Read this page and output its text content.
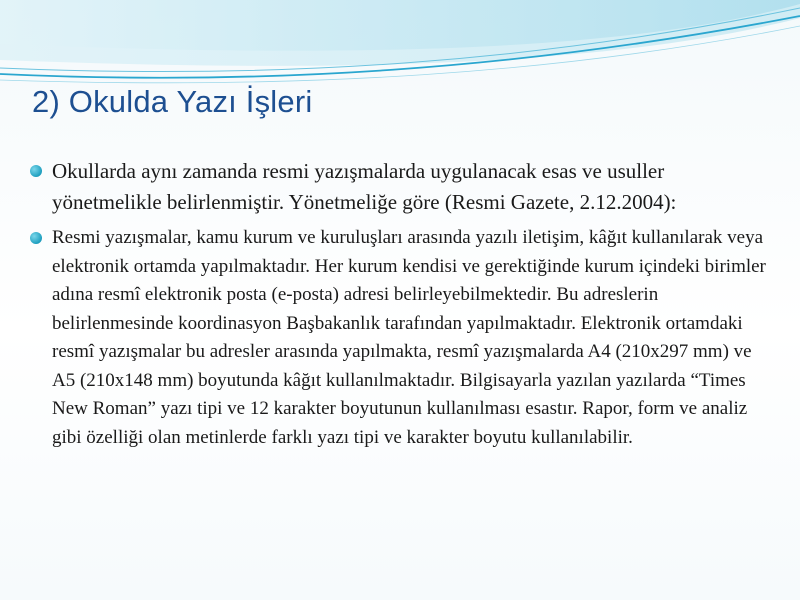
2) Okulda Yazı İşleri
Okullarda aynı zamanda resmi yazışmalarda uygulanacak esas ve usuller yönetmelikle belirlenmiştir. Yönetmeliğe göre (Resmi Gazete, 2.12.2004):
Resmi yazışmalar, kamu kurum ve kuruluşları arasında yazılı iletişim, kâğıt kullanılarak veya elektronik ortamda yapılmaktadır. Her kurum kendisi ve gerektiğinde kurum içindeki birimler adına resmî elektronik posta (e-posta) adresi belirleyebilmektedir. Bu adreslerin belirlenmesinde koordinasyon Başbakanlık tarafından yapılmaktadır. Elektronik ortamdaki resmî yazışmalar bu adresler arasında yapılmakta, resmî yazışmalarda A4 (210x297 mm) ve A5 (210x148 mm) boyutunda kâğıt kullanılmaktadır. Bilgisayarla yazılan yazılarda “Times New Roman” yazı tipi ve 12 karakter boyutunun kullanılması esastır. Rapor, form ve analiz gibi özelliği olan metinlerde farklı yazı tipi ve karakter boyutu kullanılabilir.
